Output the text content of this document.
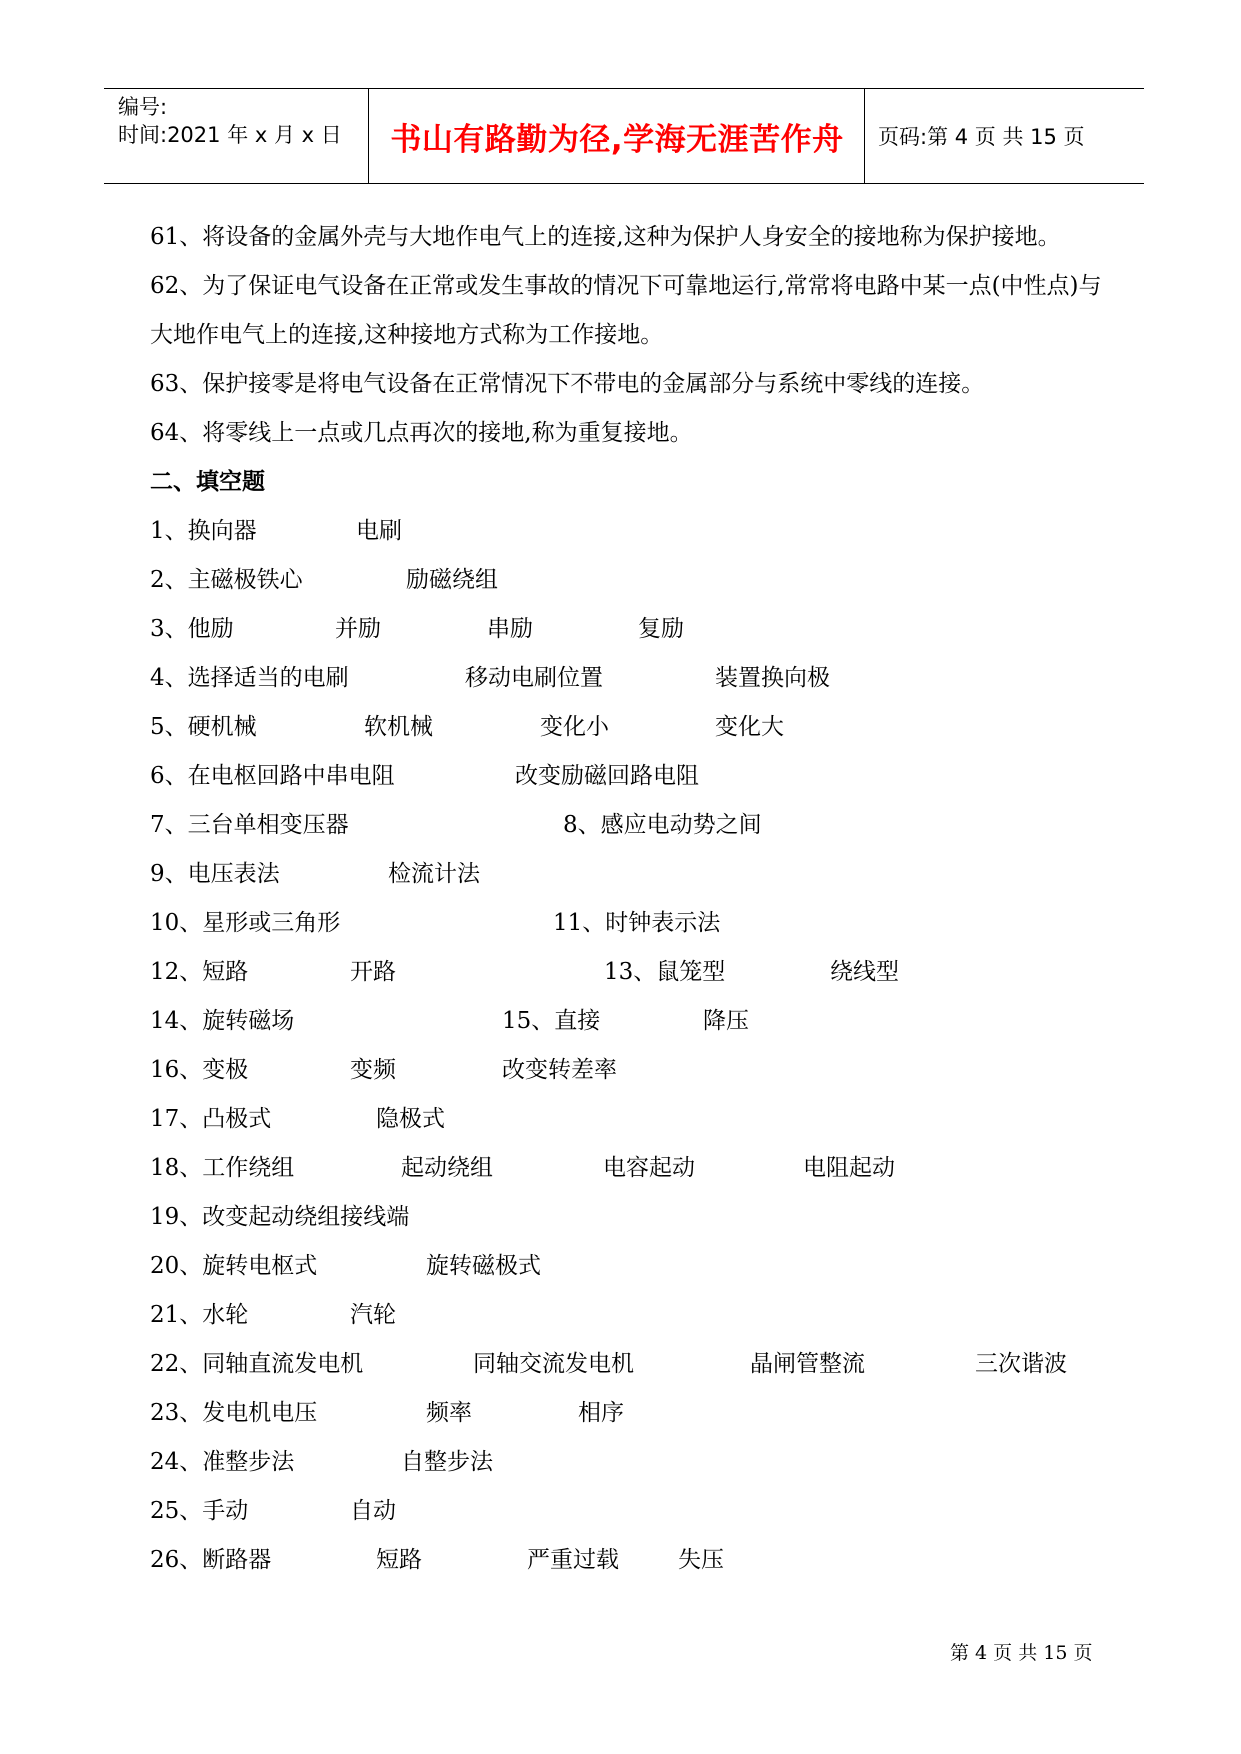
编号:
时间:2021 年 x 月 x 日 书山有路勤为径,学海无涯苦作舟	页码:第 4 页 共 15 页
61、将设备的金属外壳与大地作电气上的连接,这种为保护人身安全的接地称为保护接地。
62、为了保证电气设备在正常或发生事故的情况下可靠地运行,常常将电路中某一点(中性点)与大地作电气上的连接,这种接地方式称为工作接地。
63、保护接零是将电气设备在正常情况下不带电的金属部分与系统中零线的连接。
64、将零线上一点或几点再次的接地,称为重复接地。
二、填空题
1、换向器	电刷
2、主磁极铁心	励磁绕组
3、他励	并励	串励	复励
4、选择适当的电刷	移动电刷位置	装置换向极
5、硬机械	软机械	变化小	变化大
6、在电枢回路中串电阻	改变励磁回路电阻
7、三台单相变压器	8、感应电动势之间
9、电压表法	检流计法
10、星形或三角形	11、时钟表示法
12、短路	开路	13、鼠笼型	绕线型
14、旋转磁场	15、直接	降压
16、变极	变频	改变转差率
17、凸极式	隐极式
18、工作绕组	起动绕组	电容起动	电阻起动
19、改变起动绕组接线端
20、旋转电枢式	旋转磁极式
21、水轮	汽轮
22、同轴直流发电机	同轴交流发电机	晶闸管整流	三次谐波
23、发电机电压	频率	相序
24、准整步法	自整步法
25、手动	自动
26、断路器	短路	严重过载	失压
第 4 页 共 15 页
